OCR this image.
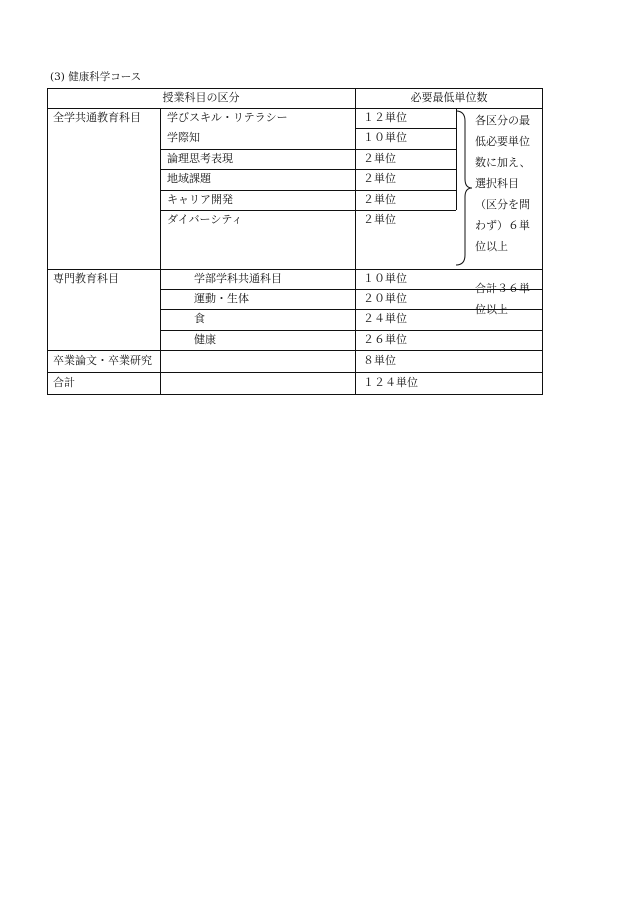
(3) 健康科学コース
授業科目の区分	必要最低単位数
全学共通教育科目 学びスキル・リテラシー	１２単位
学際知	１０単位
論理思考表現	２単位
地域課題	２単位
キャリア開発	２単位
ダイバーシティ	２単位
各区分の最低必要単位数に加え、選択科目（区分を問わず）６単位以上
合計３６単位以上
専門教育科目	学部学科共通科目	１０単位
運動・生体	２０単位
食	２４単位
健康	２６単位
卒業論文・卒業研究	８単位
合計	１２４単位
